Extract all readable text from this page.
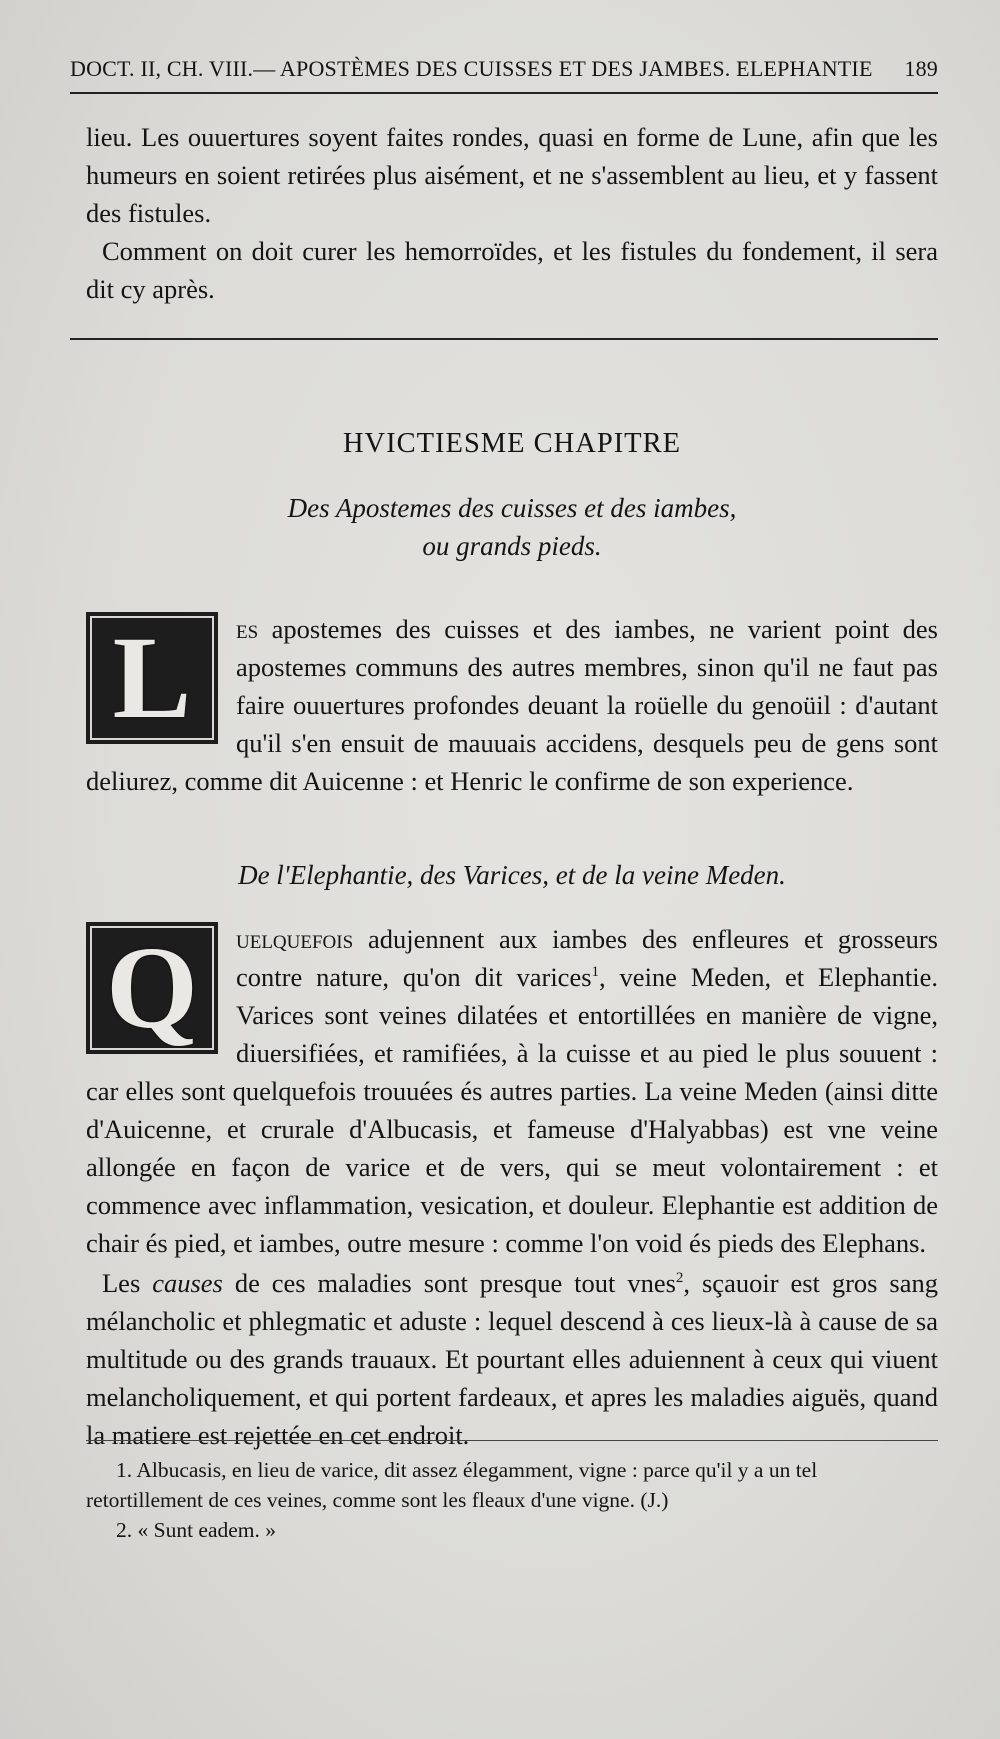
DOCT. II, CH. VIII.— APOSTÈMES DES CUISSES ET DES JAMBES. ELEPHANTIE 189

lieu. Les ouuertures soyent faites rondes, quasi en forme de Lune, afin que les humeurs en soient retirées plus aisément, et ne s'assemblent au lieu, et y fassent des fistules.

Comment on doit curer les hemorroïdes, et les fistules du fondement, il sera dit cy après.

HVICTIESME CHAPITRE
Des Apostemes des cuisses et des iambes,
ou grands pieds.

L es apostemes des cuisses et des iambes, ne varient point des apostemes communs des autres membres, sinon qu'il ne faut pas faire ouuertures profondes deuant la roüelle du genoüil : d'autant qu'il s'en ensuit de mauuais accidens, desquels peu de gens sont deliurez, comme dit Auicenne : et Henric le confirme de son experience.

De l'Elephantie, des Varices, et de la veine Meden.

Q uelquefois adujennent aux iambes des enfleures et grosseurs contre nature, qu'on dit varices$^1$, veine Meden, et Elephantie. Varices sont veines dilatées et entortillées en manière de vigne, diuersifiées, et ramifiées, à la cuisse et au pied le plus souuent : car elles sont quelquefois trouuées és autres parties. La veine Meden (ainsi ditte d'Auicenne, et crurale d'Albucasis, et fameuse d'Halyabbas) est vne veine allongée en façon de varice et de vers, qui se meut volontairement : et commence avec inflammation, vesication, et douleur. Elephantie est addition de chair és pied, et iambes, outre mesure : comme l'on void és pieds des Elephans.

Les causes de ces maladies sont presque tout vnes$^2$, sçauoir est gros sang mélancholic et phlegmatic et aduste : lequel descend à ces lieux-là à cause de sa multitude ou des grands trauaux. Et pourtant elles aduiennent à ceux qui viuent melancholiquement, et qui portent fardeaux, et apres les maladies aiguës, quand la matiere est rejettée en cet endroit.

1. Albucasis, en lieu de varice, dit assez élegamment, vigne : parce qu'il y a un tel retortillement de ces veines, comme sont les fleaux d'une vigne. (J.)

2. « Sunt eadem. »
